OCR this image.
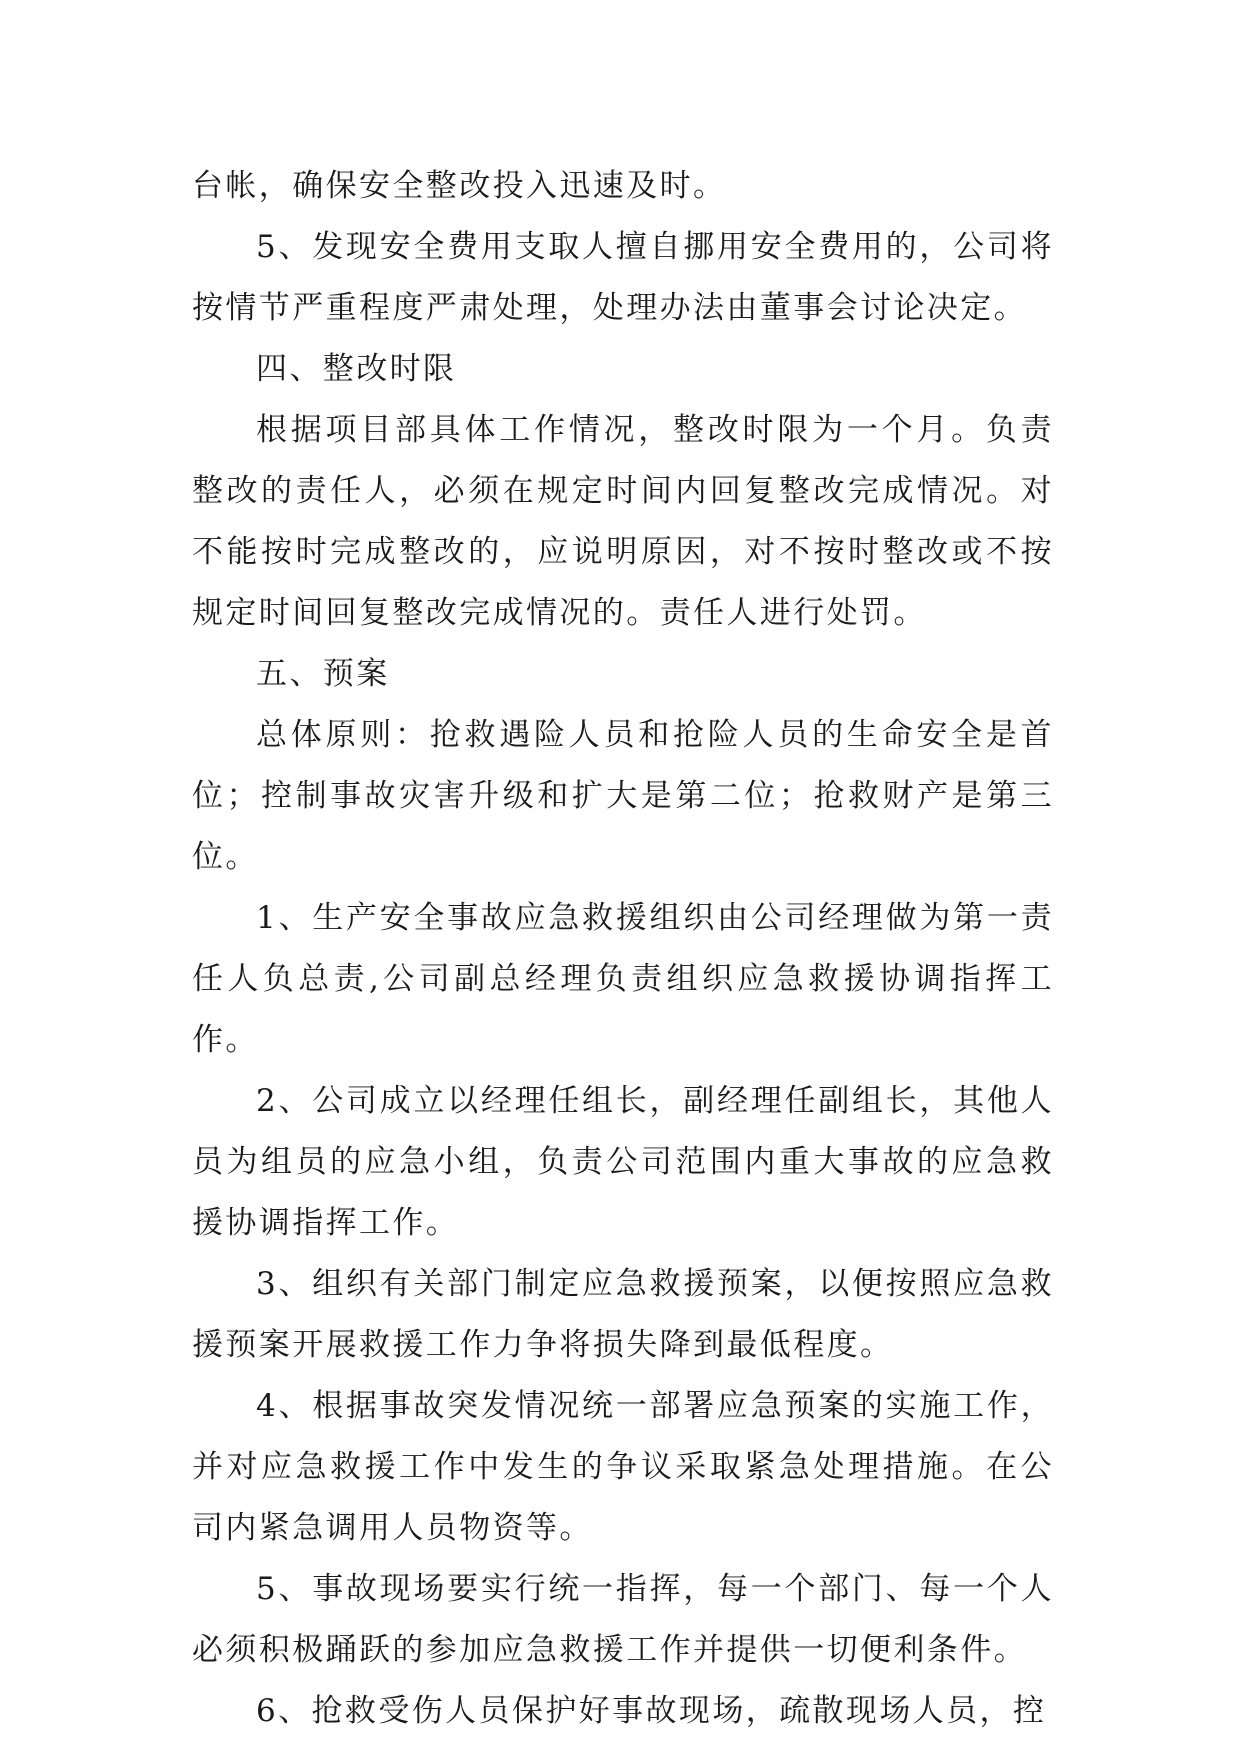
台帐，确保安全整改投入迅速及时。

5、发现安全费用支取人擅自挪用安全费用的，公司将按情节严重程度严肃处理，处理办法由董事会讨论决定。

四、整改时限

根据项目部具体工作情况，整改时限为一个月。负责整改的责任人，必须在规定时间内回复整改完成情况。对不能按时完成整改的，应说明原因，对不按时整改或不按规定时间回复整改完成情况的。责任人进行处罚。

五、预案

总体原则：抢救遇险人员和抢险人员的生命安全是首位；控制事故灾害升级和扩大是第二位；抢救财产是第三位。

1、生产安全事故应急救援组织由公司经理做为第一责任人负总责,公司副总经理负责组织应急救援协调指挥工作。

2、公司成立以经理任组长，副经理任副组长，其他人员为组员的应急小组，负责公司范围内重大事故的应急救援协调指挥工作。

3、组织有关部门制定应急救援预案，以便按照应急救援预案开展救援工作力争将损失降到最低程度。

4、根据事故突发情况统一部署应急预案的实施工作，并对应急救援工作中发生的争议采取紧急处理措施。在公司内紧急调用人员物资等。

5、事故现场要实行统一指挥，每一个部门、每一个人必须积极踊跃的参加应急救援工作并提供一切便利条件。

6、抢救受伤人员保护好事故现场，疏散现场人员，控
